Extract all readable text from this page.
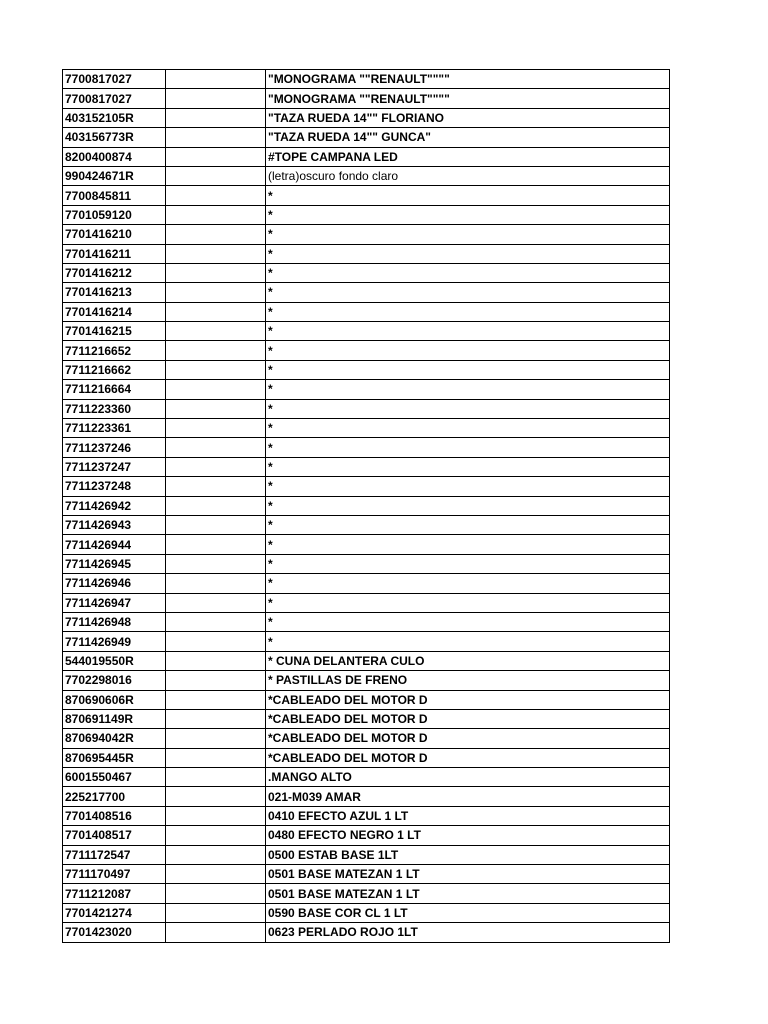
7700817027		"MONOGRAMA ""RENAULT""""
7700817027		"MONOGRAMA ""RENAULT""""
403152105R		"TAZA RUEDA 14"" FLORIANO
403156773R		"TAZA RUEDA 14"" GUNCA"
8200400874		#TOPE CAMPANA LED
990424671R		(letra)oscuro fondo claro
7700845811		*
7701059120		*
7701416210		*
7701416211		*
7701416212		*
7701416213		*
7701416214		*
7701416215		*
7711216652		*
7711216662		*
7711216664		*
7711223360		*
7711223361		*
7711237246		*
7711237247		*
7711237248		*
7711426942		*
7711426943		*
7711426944		*
7711426945		*
7711426946		*
7711426947		*
7711426948		*
7711426949		*
544019550R		* CUNA DELANTERA CULO
7702298016		* PASTILLAS DE FRENO
870690606R		*CABLEADO DEL MOTOR D
870691149R		*CABLEADO DEL MOTOR D
870694042R		*CABLEADO DEL MOTOR D
870695445R		*CABLEADO DEL MOTOR D
6001550467		.MANGO ALTO
225217700		021-M039 AMAR
7701408516		0410 EFECTO AZUL 1 LT
7701408517		0480 EFECTO NEGRO 1 LT
7711172547		0500 ESTAB BASE 1LT
7711170497		0501 BASE MATEZAN 1 LT
7711212087		0501 BASE MATEZAN 1 LT
7701421274		0590 BASE COR CL 1 LT
7701423020		0623 PERLADO ROJO 1LT
